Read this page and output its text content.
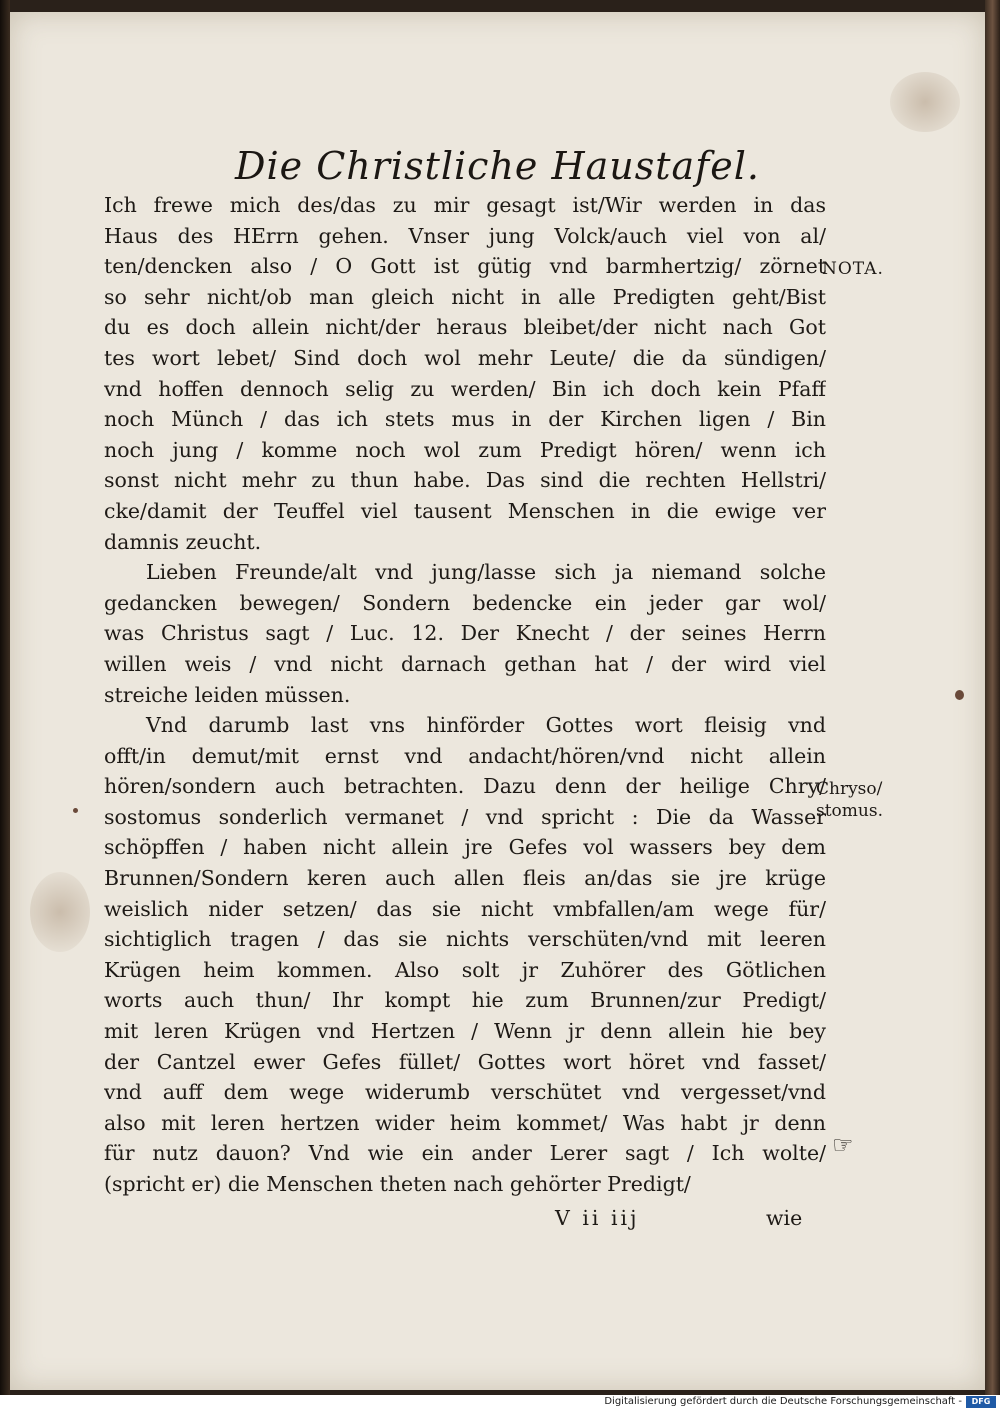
Die Christliche Haustafel.
Ich frewe mich des/das zu mir gesagt ist/Wir werden in das
Haus des HErrn gehen. Vnser jung Volck/auch viel von al/
ten/dencken also / O Gott ist gütig vnd barmhertzig/ zörnet
so sehr nicht/ob man gleich nicht in alle Predigten geht/Bist
du es doch allein nicht/der heraus bleibet/der nicht nach Got
tes wort lebet/ Sind doch wol mehr Leute/ die da sündigen/
vnd hoffen dennoch selig zu werden/ Bin ich doch kein Pfaff
noch Münch / das ich stets mus in der Kirchen ligen / Bin
noch jung / komme noch wol zum Predigt hören/ wenn ich
sonst nicht mehr zu thun habe. Das sind die rechten Hellstri/
cke/damit der Teuffel viel tausent Menschen in die ewige ver
damnis zeucht.
Lieben Freunde/alt vnd jung/lasse sich ja niemand solche
gedancken bewegen/ Sondern bedencke ein jeder gar wol/
was Christus sagt / Luc. 12. Der Knecht / der seines Herrn
willen weis / vnd nicht darnach gethan hat / der wird viel
streiche leiden müssen.
Vnd darumb last vns hinförder Gottes wort fleisig vnd
offt/in demut/mit ernst vnd andacht/hören/vnd nicht allein
hören/sondern auch betrachten. Dazu denn der heilige Chry/
sostomus sonderlich vermanet / vnd spricht : Die da Wasser
schöpffen / haben nicht allein jre Gefes vol wassers bey dem
Brunnen/Sondern keren auch allen fleis an/das sie jre krüge
weislich nider setzen/ das sie nicht vmbfallen/am wege für/
sichtiglich tragen / das sie nichts verschüten/vnd mit leeren
Krügen heim kommen. Also solt jr Zuhörer des Götlichen
worts auch thun/ Ihr kompt hie zum Brunnen/zur Predigt/
mit leren Krügen vnd Hertzen / Wenn jr denn allein hie bey
der Cantzel ewer Gefes füllet/ Gottes wort höret vnd fasset/
vnd auff dem wege widerumb verschütet vnd vergesset/vnd
also mit leren hertzen wider heim kommet/ Was habt jr denn
für nutz dauon? Vnd wie ein ander Lerer sagt / Ich wolte/
(spricht er) die Menschen theten nach gehörter Predigt/
NOTA.
Chryso/
stomus.
☞
V ii iij	wie
Digitalisierung gefördert durch die Deutsche Forschungsgemeinschaft -	DFG
